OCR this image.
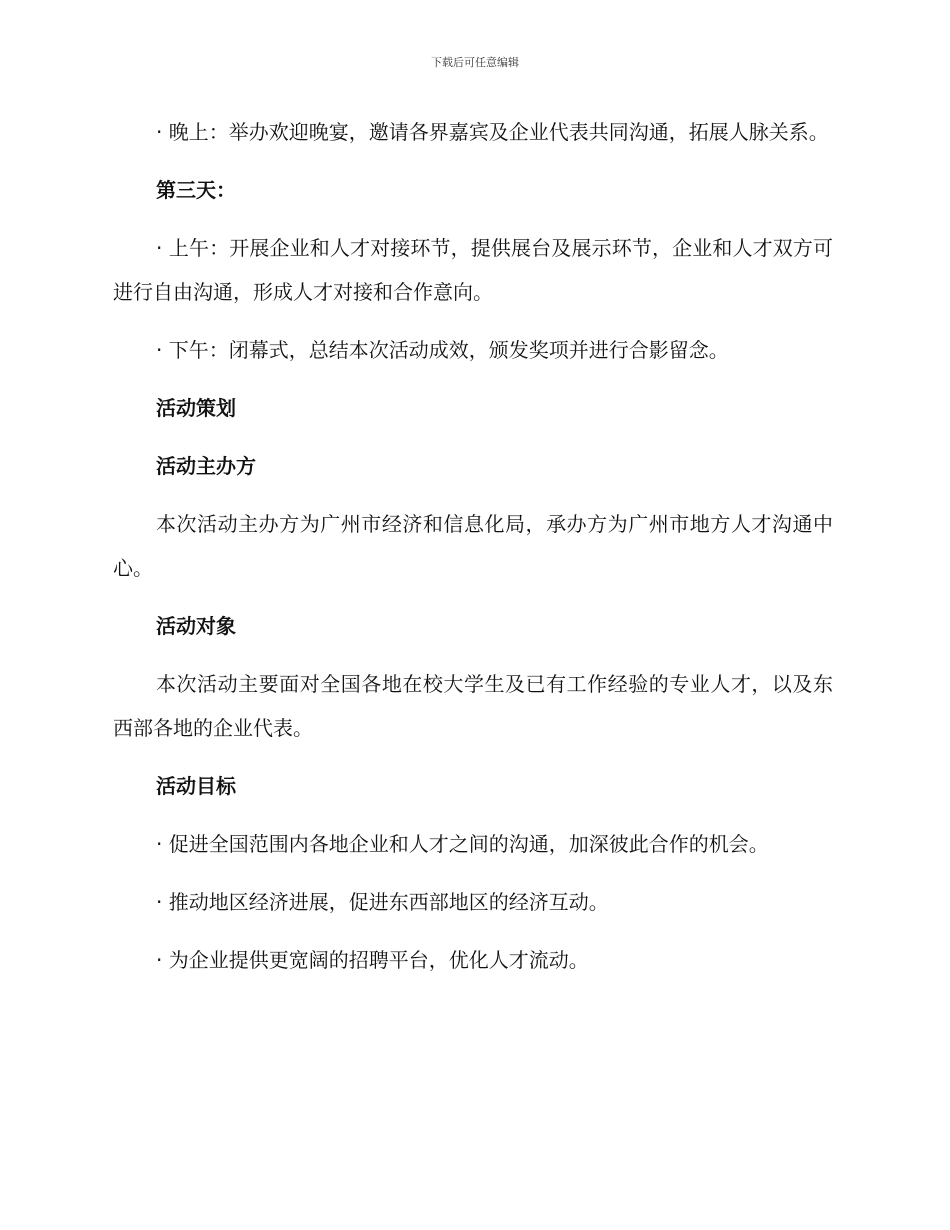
下载后可任意编辑

· 晚上：举办欢迎晚宴，邀请各界嘉宾及企业代表共同沟通，拓展人脉关系。

第三天：

· 上午：开展企业和人才对接环节，提供展台及展示环节，企业和人才双方可进行自由沟通，形成人才对接和合作意向。

· 下午：闭幕式，总结本次活动成效，颁发奖项并进行合影留念。

活动策划

活动主办方

本次活动主办方为广州市经济和信息化局，承办方为广州市地方人才沟通中心。

活动对象

本次活动主要面对全国各地在校大学生及已有工作经验的专业人才，以及东西部各地的企业代表。

活动目标

· 促进全国范围内各地企业和人才之间的沟通，加深彼此合作的机会。

· 推动地区经济进展，促进东西部地区的经济互动。

· 为企业提供更宽阔的招聘平台，优化人才流动。
